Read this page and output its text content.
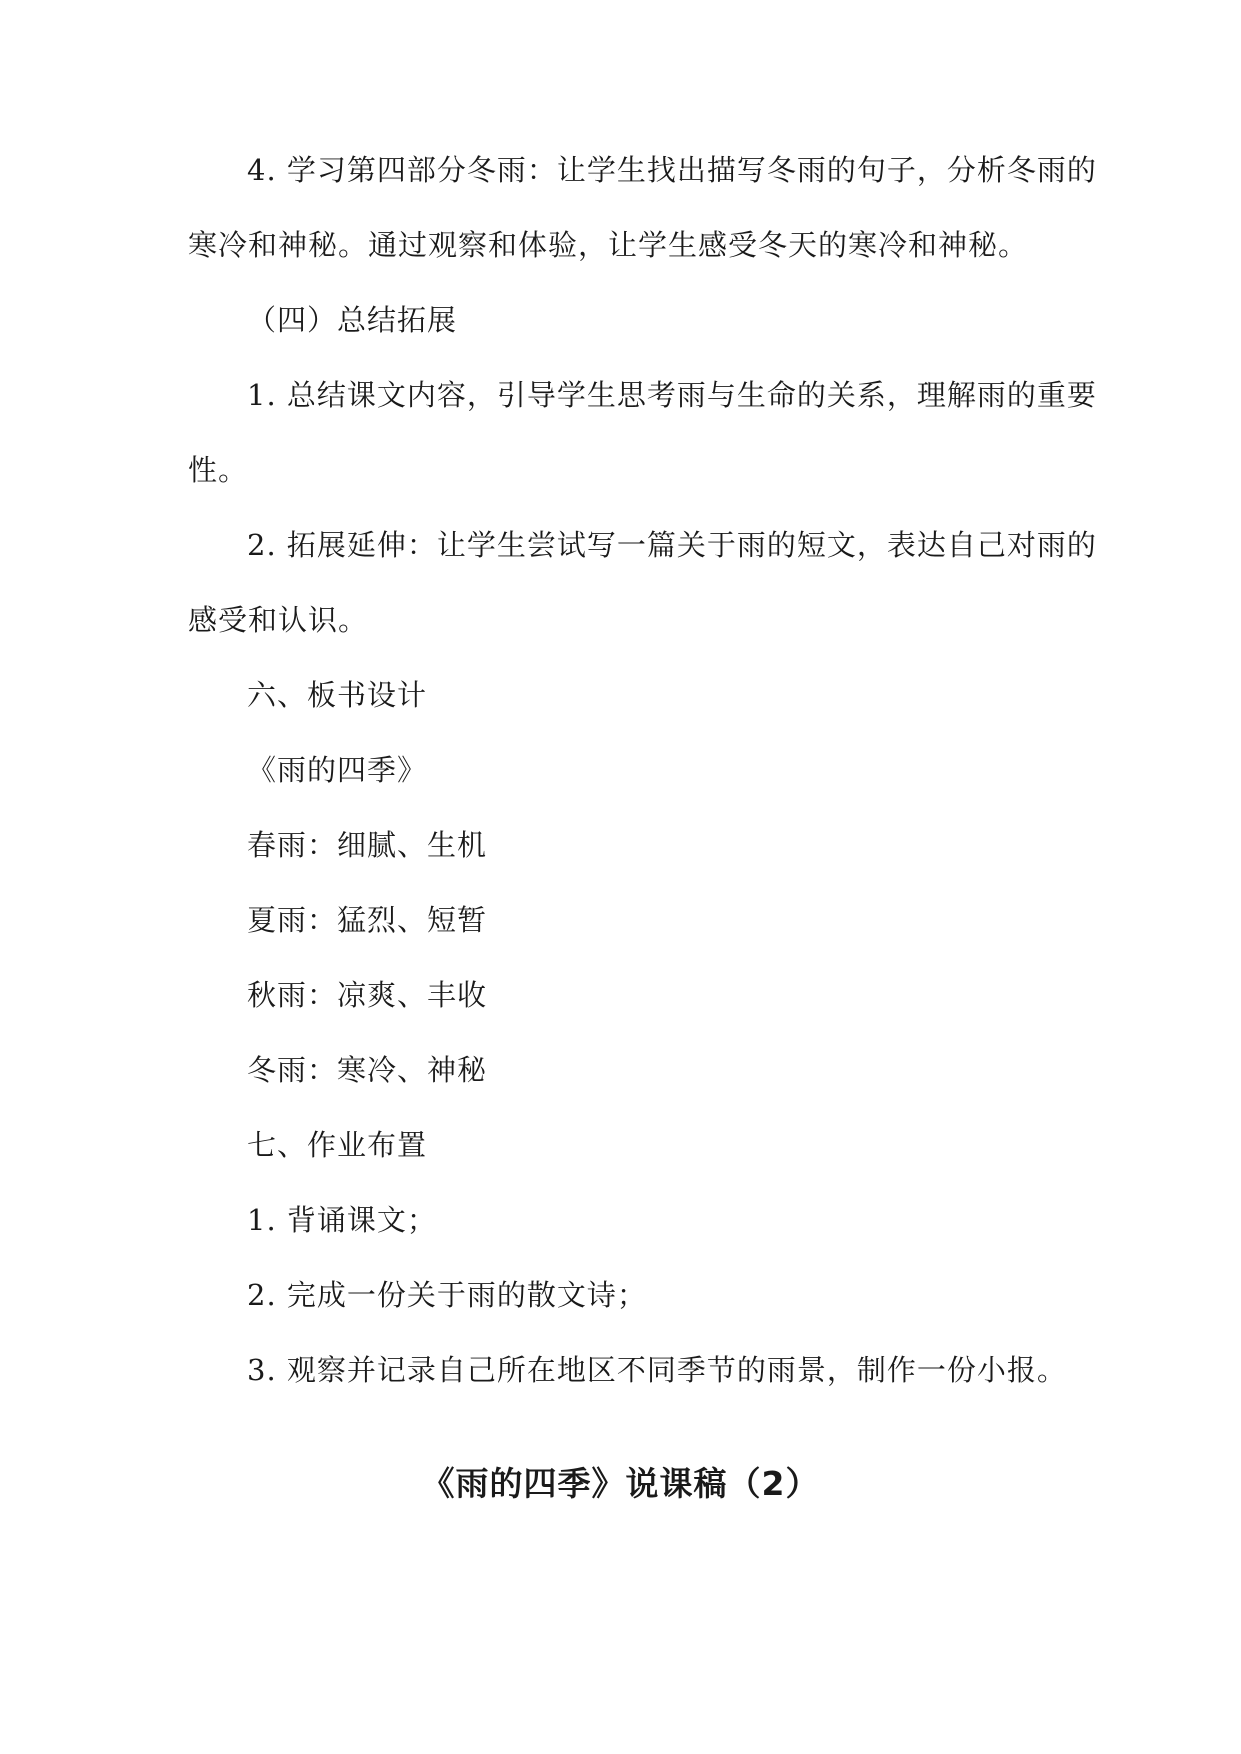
4. 学习第四部分冬雨：让学生找出描写冬雨的句子，分析冬雨的
寒冷和神秘。通过观察和体验，让学生感受冬天的寒冷和神秘。
（四）总结拓展
1. 总结课文内容，引导学生思考雨与生命的关系，理解雨的重要
性。
2. 拓展延伸：让学生尝试写一篇关于雨的短文，表达自己对雨的
感受和认识。
六、板书设计
《雨的四季》
春雨：细腻、生机
夏雨：猛烈、短暂
秋雨：凉爽、丰收
冬雨：寒冷、神秘
七、作业布置
1. 背诵课文；
2. 完成一份关于雨的散文诗；
3. 观察并记录自己所在地区不同季节的雨景，制作一份小报。
《雨的四季》说课稿（2）
